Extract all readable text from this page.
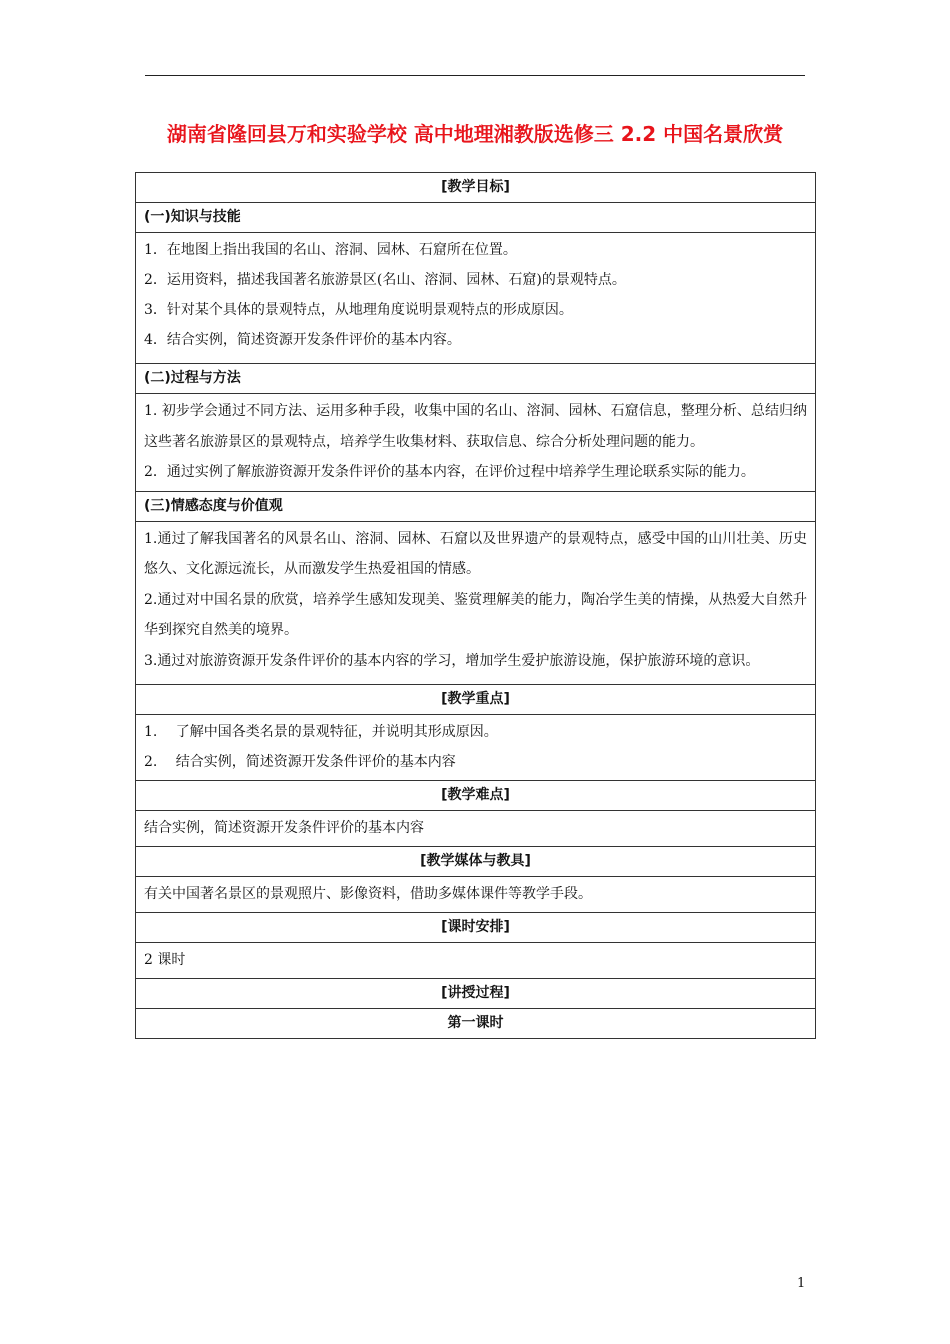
湖南省隆回县万和实验学校 高中地理湘教版选修三 2.2 中国名景欣赏
[教学目标]
(一)知识与技能

1．在地图上指出我国的名山、溶洞、园林、石窟所在位置。
2．运用资料，描述我国著名旅游景区(名山、溶洞、园林、石窟)的景观特点。
3．针对某个具体的景观特点，从地理角度说明景观特点的形成原因。
4．结合实例，简述资源开发条件评价的基本内容。

(二)过程与方法

1. 初步学会通过不同方法、运用多种手段，收集中国的名山、溶洞、园林、石窟信息，整理分析、总结归纳这些著名旅游景区的景观特点，培养学生收集材料、获取信息、综合分析处理问题的能力。

2．通过实例了解旅游资源开发条件评价的基本内容，在评价过程中培养学生理论联系实际的能力。

(三)情感态度与价值观

1.通过了解我国著名的风景名山、溶洞、园林、石窟以及世界遗产的景观特点，感受中国的山川壮美、历史悠久、文化源远流长，从而激发学生热爱祖国的情感。

2.通过对中国名景的欣赏，培养学生感知发现美、鉴赏理解美的能力，陶冶学生美的情操，从热爱大自然升华到探究自然美的境界。

3.通过对旅游资源开发条件评价的基本内容的学习，增加学生爱护旅游设施，保护旅游环境的意识。

[教学重点]

1.　 了解中国各类名景的景观特征，并说明其形成原因。
2.　 结合实例，简述资源开发条件评价的基本内容

[教学难点]
结合实例，简述资源开发条件评价的基本内容
[教学媒体与教具]
有关中国著名景区的景观照片、影像资料，借助多媒体课件等教学手段。
[课时安排]
2 课时
[讲授过程]
第一课时
1
